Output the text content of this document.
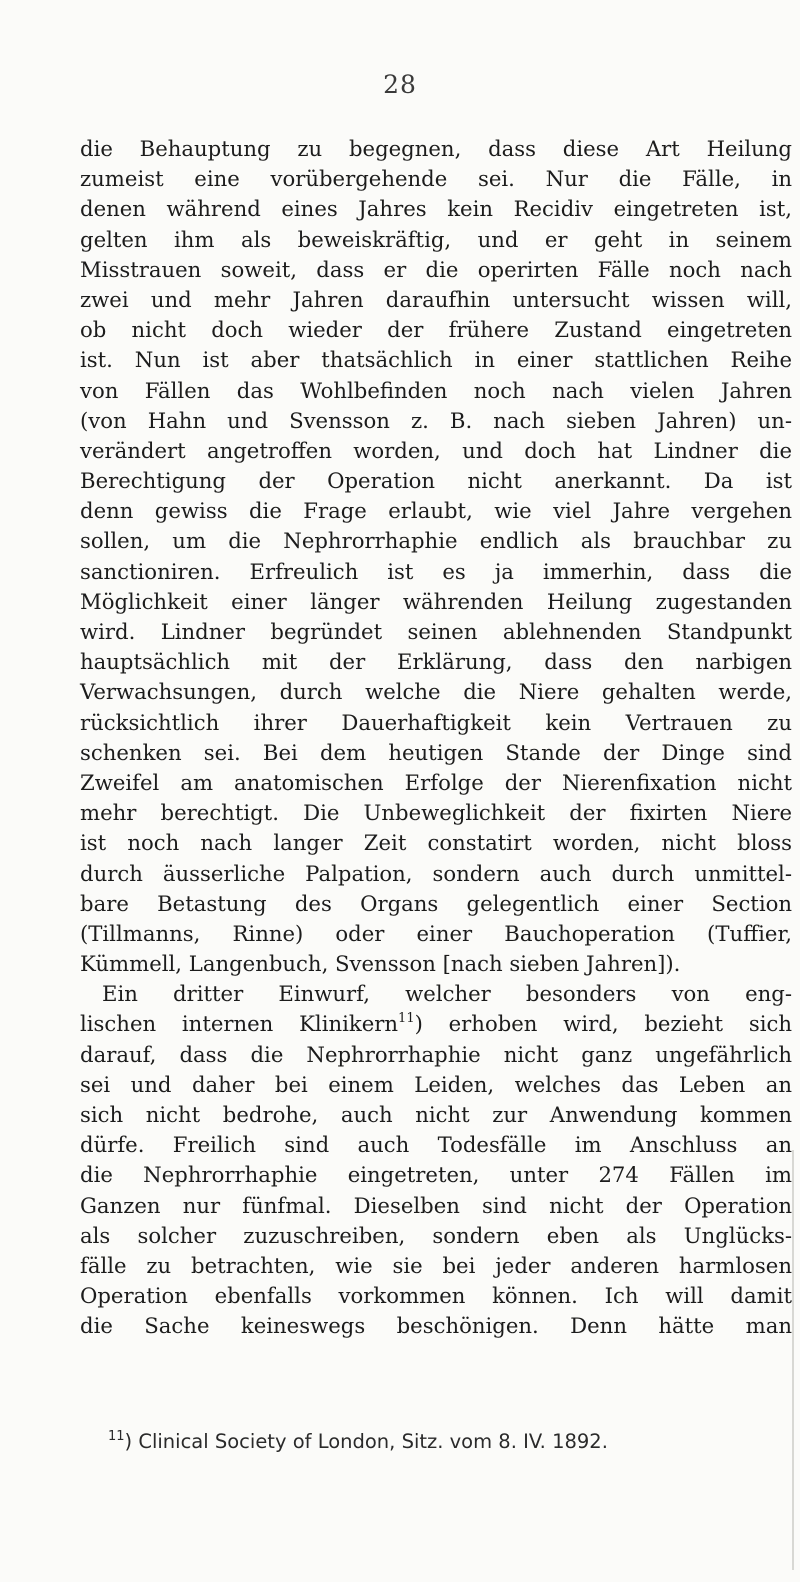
28
die Behauptung zu begegnen, dass diese Art Heilung
zumeist eine vorübergehende sei. Nur die Fälle, in
denen während eines Jahres kein Recidiv eingetreten ist,
gelten ihm als beweiskräftig, und er geht in seinem
Misstrauen soweit, dass er die operirten Fälle noch nach
zwei und mehr Jahren daraufhin untersucht wissen will,
ob nicht doch wieder der frühere Zustand eingetreten
ist. Nun ist aber thatsächlich in einer stattlichen Reihe
von Fällen das Wohlbefinden noch nach vielen Jahren
(von Hahn und Svensson z. B. nach sieben Jahren) un-
verändert angetroffen worden, und doch hat Lindner die
Berechtigung der Operation nicht anerkannt. Da ist
denn gewiss die Frage erlaubt, wie viel Jahre vergehen
sollen, um die Nephrorrhaphie endlich als brauchbar zu
sanctioniren. Erfreulich ist es ja immerhin, dass die
Möglichkeit einer länger währenden Heilung zugestanden
wird. Lindner begründet seinen ablehnenden Standpunkt
hauptsächlich mit der Erklärung, dass den narbigen
Verwachsungen, durch welche die Niere gehalten werde,
rücksichtlich ihrer Dauerhaftigkeit kein Vertrauen zu
schenken sei. Bei dem heutigen Stande der Dinge sind
Zweifel am anatomischen Erfolge der Nierenfixation nicht
mehr berechtigt. Die Unbeweglichkeit der fixirten Niere
ist noch nach langer Zeit constatirt worden, nicht bloss
durch äusserliche Palpation, sondern auch durch unmittel-
bare Betastung des Organs gelegentlich einer Section
(Tillmanns, Rinne) oder einer Bauchoperation (Tuffier,
Kümmell, Langenbuch, Svensson [nach sieben Jahren]).
Ein dritter Einwurf, welcher besonders von eng-
lischen internen Klinikern$^{11}$) erhoben wird, bezieht sich
darauf, dass die Nephrorrhaphie nicht ganz ungefährlich
sei und daher bei einem Leiden, welches das Leben an
sich nicht bedrohe, auch nicht zur Anwendung kommen
dürfe. Freilich sind auch Todesfälle im Anschluss an
die Nephrorrhaphie eingetreten, unter 274 Fällen im
Ganzen nur fünfmal. Dieselben sind nicht der Operation
als solcher zuzuschreiben, sondern eben als Unglücks-
fälle zu betrachten, wie sie bei jeder anderen harmlosen
Operation ebenfalls vorkommen können. Ich will damit
die Sache keineswegs beschönigen. Denn hätte man
$^{11}$) Clinical Society of London, Sitz. vom 8. IV. 1892.
